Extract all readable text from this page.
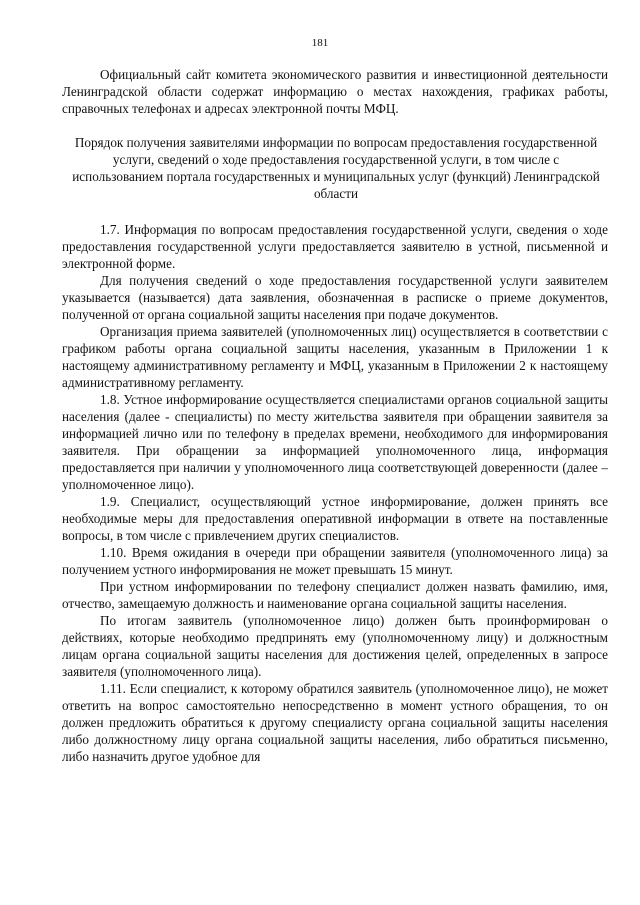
181

Официальный сайт комитета экономического развития и инвестиционной деятельности Ленинградской области содержат информацию о местах нахождения, графиках работы, справочных телефонах и адресах электронной почты МФЦ.

Порядок получения заявителями информации по вопросам предоставления государственной услуги, сведений о ходе предоставления государственной услуги, в том числе с использованием портала государственных и муниципальных услуг (функций) Ленинградской области

1.7. Информация по вопросам предоставления государственной услуги, сведения о ходе предоставления государственной услуги предоставляется заявителю в устной, письменной и электронной форме.

Для получения сведений о ходе предоставления государственной услуги заявителем указывается (называется) дата заявления, обозначенная в расписке о приеме документов, полученной от органа социальной защиты населения при подаче документов.

Организация приема заявителей (уполномоченных лиц) осуществляется в соответствии с графиком работы органа социальной защиты населения, указанным в Приложении 1 к настоящему административному регламенту и МФЦ, указанным в Приложении 2 к настоящему административному регламенту.

1.8. Устное информирование осуществляется специалистами органов социальной защиты населения (далее - специалисты) по месту жительства заявителя при обращении заявителя за информацией лично или по телефону в пределах времени, необходимого для информирования заявителя. При обращении за информацией уполномоченного лица, информация предоставляется при наличии у уполномоченного лица соответствующей доверенности (далее – уполномоченное лицо).

1.9. Специалист, осуществляющий устное информирование, должен принять все необходимые меры для предоставления оперативной информации в ответе на поставленные вопросы, в том числе с привлечением других специалистов.

1.10. Время ожидания в очереди при обращении заявителя (уполномоченного лица) за получением устного информирования не может превышать 15 минут.

При устном информировании по телефону специалист должен назвать фамилию, имя, отчество, замещаемую должность и наименование органа социальной защиты населения.

По итогам заявитель (уполномоченное лицо) должен быть проинформирован о действиях, которые необходимо предпринять ему (уполномоченному лицу) и должностным лицам органа социальной защиты населения для достижения целей, определенных в запросе заявителя (уполномоченного лица).

1.11. Если специалист, к которому обратился заявитель (уполномоченное лицо), не может ответить на вопрос самостоятельно непосредственно в момент устного обращения, то он должен предложить обратиться к другому специалисту органа социальной защиты населения либо должностному лицу органа социальной защиты населения, либо обратиться письменно, либо назначить другое удобное для
